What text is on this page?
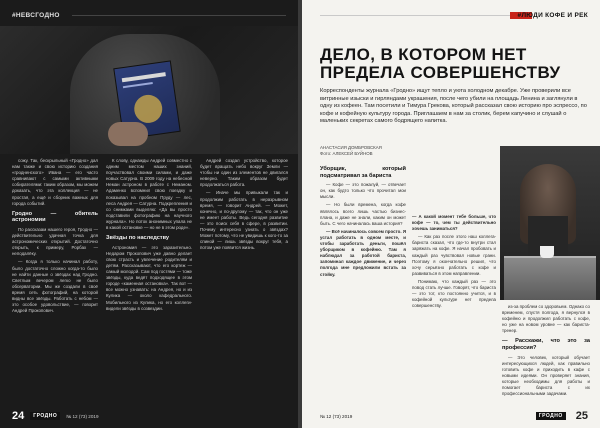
#НЕВСГОДНО

сожу. Так, бескрыльный «Гродно» дал нам также и свою историю создания «гродненского» Ивана — его часто сравнивают с самыми активными собирателями: таким образом, мы можем доказать, что эта коллекция — не простая, а ещё и сборник важных для города событий.

Гродно — обитель астрономии

По рассказам нашего героя, Гродно — действительно удачная точка для астрономических открытий. Достаточно открыть, к примеру, Рорбах — неподалёку.

— Когда я только начинал работу, было достаточно сложно когда-то было не найти данные о звёздах над Гродно. Светлым вечером легко не было обсерватории. Мы же создали в своё время сеть фотографий, на которой видны все звёзды. Работать с небом — это особое удовольствие, — говорит Андрей Прокопович.

К слову, однажды Андрей совместно с одним местом наших знаний, поучаствовал своими силами, и даже новых Сатурна. В 2009 году на небесной Неман астроном в работе с Неманом. Адаменко вспомнил свою поездку и показывал на пробном Пруду — лес, леса Андрея — Сатурна. Подкрепления и со снимками выделяю: «Да вы просто подставили фотографию на научного журнала». Но поток анонимных упала не в какой остановке — но не в этом роде».

Звёзды по наследству

Астрономия — это заразительно. Недаром Прокопович уже давно делает свою страсть и увлечение родителям и детям. Рассказывают, что его кортеж — самый молодой. Сам под гостями — тоже звёзды, куда ведёт подходящее в этом городе «каменная остановка». Так вот — все можно узнавать: на Андрея, но и из Кулика — около кафедрального. Мобильного из Кулика, но его коллеги-видели звёзды в созвездии.

Андрей создал устройство, которое будет вращать небо вокруг Земли — чтобы ни один из элементов не двигался неверно. Таким образом будет продолжаться работа.

— Иначе мы привыкали так и продолжим работать в неразрывном время, — говорит Андрей. — Может, конечно, и по-другому — так, что он уже не имеет работы. Ведь сегодня развитие — это поиск себя в сфере, в развитии. Почему интересно узнать о звёздах? Может потому, что не увидишь к кого-то за спиной — лишь звёзды вокруг тебя, а потом уже появится жизнь.

24	ГРОДНО	№ 12 (73) 2019
#ЛЮДИ КОФЕ И РЕК
ДЕЛО, В КОТОРОМ НЕТ ПРЕДЕЛА СОВЕРШЕНСТВУ

Корреспонденты журнала «Гродно» ищут тепло и уюта холодном декабре. Уже проверили все витринные изыски и гирляндами украшения, после чего убили на площадь Ленина и заглянули в одну из кофеен. Там посетили и Тимура Грекова, который рассказал свою историю про эспрессо, по кофе и кофейную культуру города. Приглашаем в нам за столик, берем капучино и слушай о маленьких секретах самого бодрящего напитка.

АНАСТАСИЯ ДОМБРОВСКАЯ
Фото: АЛЕКСЕЙ БУЙНОВ
Уборщик, который подсматривал за бариста

— Кофе — это пожалуй, — отвечает он, как будто только что прочитал мои мысли.

— Но были времена, когда кофе являлось всего лишь частью бизнес-плана, и даже не знали, каким он может быть. С чего начиналась ваша история?

— Всё начиналось совсем просто. Я устал работать в одном месте, и чтобы заработать деньги, пошёл уборщиком в кофейню. Там я наблюдал за работой бариста, запоминал каждое движение, и через полгода мне предложили встать за стойку.

— А какой момент тебе больше, что кофе — то, чем ты действительно хочешь заниматься?

— Как раз после этого наш коллега-бариста сказал, что где-то внутри стал заряжать на кофе. Я начал пробовать и каждый раз чувствовал новые грани. Поэтому я окончательно решил, что хочу серьёзно работать с кофе и развиваться в этом направлении.

Понимаю, что каждый раз — это повод стать лучше. Говорят, что бариста — это тот, кто постоянно учится, и в кофейной культуре нет предела совершенству.	из-за проблем со здоровьем. Однако со временем, спустя полгода, я вернулся в кофейню и продолжил работать с кофе, но уже на новом уровне — как бариста-тренер.

— Расскажи, что это за профессия?

— Это человек, который обучает интересующихся людей, как правильно готовить кофе и приходить в кафе с новыми идеями. Он проверяет знания, которые необходимы для работы и помогает бариста с их профессиональными задачами.

№ 12 (73) 2019	ГРОДНО 25
